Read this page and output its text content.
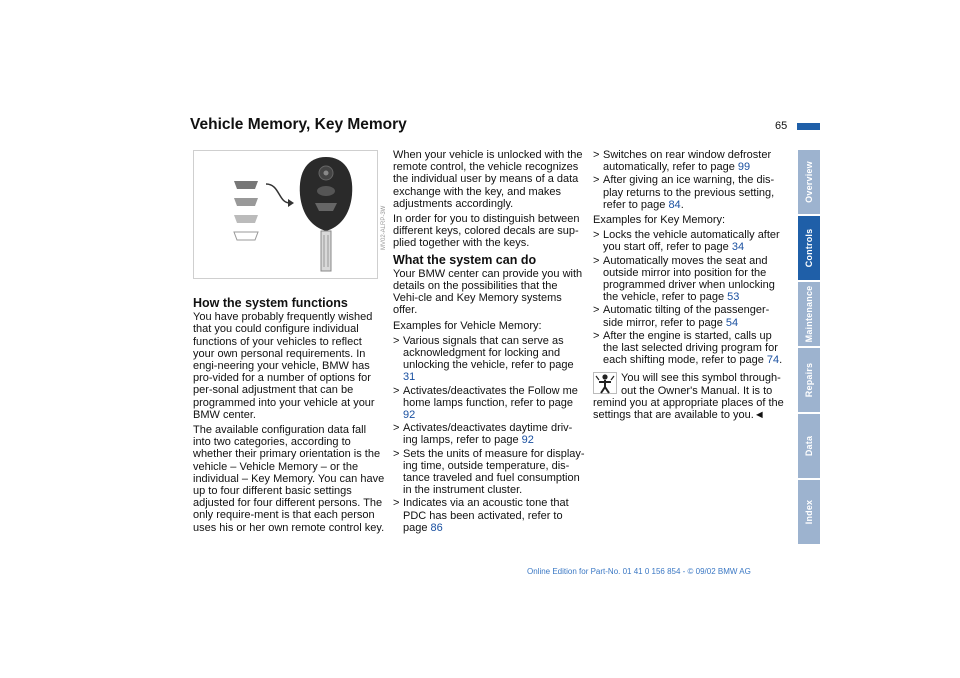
Vehicle Memory, Key Memory	65
MV02-ALRP-3W
How the system functions

You have probably frequently wished that you could configure individual functions of your vehicles to reflect your own personal requirements. In engi-neering your vehicle, BMW has pro-vided for a number of options for per-sonal adjustment that can be programmed into your vehicle at your BMW center.

The available configuration data fall into two categories, according to whether their primary orientation is the vehicle – Vehicle Memory – or the individual – Key Memory. You can have up to four different basic settings adjusted for four different persons. The only require-ment is that each person uses his or her own remote control key.

When your vehicle is unlocked with the remote control, the vehicle recognizes the individual user by means of a data exchange with the key, and makes adjustments accordingly.

In order for you to distinguish between different keys, colored decals are sup-plied together with the keys.

What the system can do

Your BMW center can provide you with details on the possibilities that the Vehi-cle and Key Memory systems offer.

Examples for Vehicle Memory:

> Various signals that can serve as acknowledgment for locking and unlocking the vehicle, refer to page 31
> Activates/deactivates the Follow me home lamps function, refer to page 92
> Activates/deactivates daytime driv-ing lamps, refer to page 92
> Sets the units of measure for display-ing time, outside temperature, dis-tance traveled and fuel consumption in the instrument cluster.
> Indicates via an acoustic tone that PDC has been activated, refer to page 86
> Switches on rear window defroster automatically, refer to page 99
> After giving an ice warning, the dis-play returns to the previous setting, refer to page 84.

Examples for Key Memory:

> Locks the vehicle automatically after you start off, refer to page 34
> Automatically moves the seat and outside mirror into position for the programmed driver when unlocking the vehicle, refer to page 53
> Automatic tilting of the passenger-side mirror, refer to page 54
> After the engine is started, calls up the last selected driving program for each shifting mode, refer to page 74.
You will see this symbol through-out the Owner's Manual. It is to remind you at appropriate places of the settings that are available to you.◄
Overview
Controls
Maintenance
Repairs
Data
Index
Online Edition for Part-No. 01 41 0 156 854 - © 09/02 BMW AG
